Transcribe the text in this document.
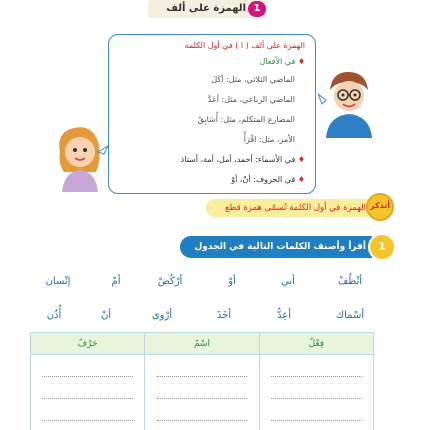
الهمزة على ألف 1
الهمزة على ألف ( ا ) في أول الكلمة
♦ في الأفعال
الماضي الثلاثي، مثل: أكَلَ
الماضي الرباعي، مثل: أعَدَّ
المضارع المتكلم، مثل: أُسَابِقُ
الأمر، مثل: اقْرَأْ
♦ في الأسماء: أحمد، أمل، أمة، أستاذ
♦ في الحروف: أنْ، أوْ
الهمزة في أول الكلمة تُسمّى همزة قطع أتذكر
أقرأ وأصنف الكلمات التالية في الجدول	1
أنْظُفْ
أبي
أوْ
أرْكُضْ
أمْ
إنْسان
أسْماك
أعِدُّ
أخَذَ
أرْوى
أنْ
أُذُن
حَرْفٌ	اسْمٌ	فِعْلٌ
